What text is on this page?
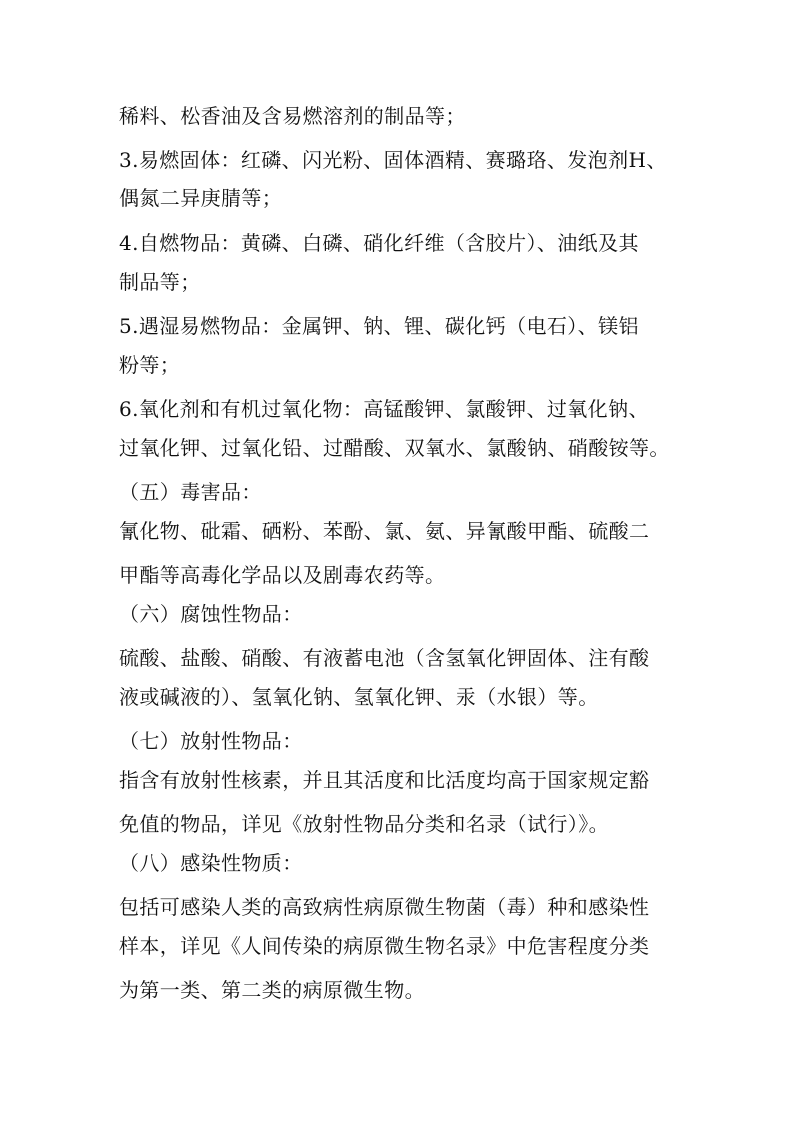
稀料、松香油及含易燃溶剂的制品等；
3.易燃固体：红磷、闪光粉、固体酒精、赛璐珞、发泡剂H、
偶氮二异庚腈等；
4.自燃物品：黄磷、白磷、硝化纤维（含胶片）、油纸及其
制品等；
5.遇湿易燃物品：金属钾、钠、锂、碳化钙（电石）、镁铝
粉等；
6.氧化剂和有机过氧化物：高锰酸钾、氯酸钾、过氧化钠、
过氧化钾、过氧化铅、过醋酸、双氧水、氯酸钠、硝酸铵等。
（五）毒害品：
氰化物、砒霜、硒粉、苯酚、氯、氨、异氰酸甲酯、硫酸二
甲酯等高毒化学品以及剧毒农药等。
（六）腐蚀性物品：
硫酸、盐酸、硝酸、有液蓄电池（含氢氧化钾固体、注有酸
液或碱液的）、氢氧化钠、氢氧化钾、汞（水银）等。
（七）放射性物品：
指含有放射性核素，并且其活度和比活度均高于国家规定豁
免值的物品，详见《放射性物品分类和名录（试行）》。
（八）感染性物质：
包括可感染人类的高致病性病原微生物菌（毒）种和感染性
样本，详见《人间传染的病原微生物名录》中危害程度分类
为第一类、第二类的病原微生物。
